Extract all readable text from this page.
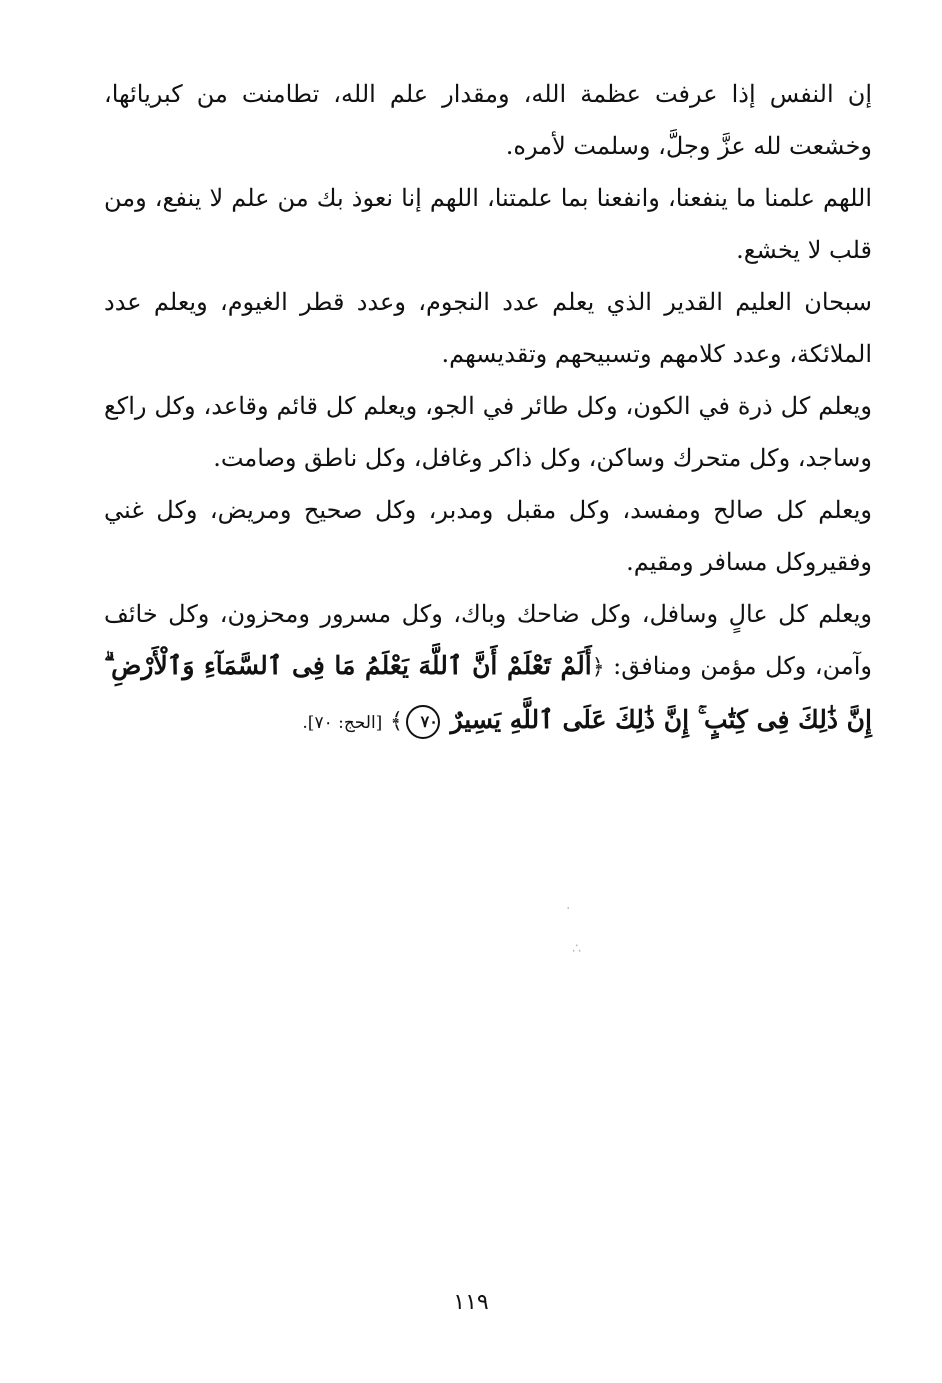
إن النفس إذا عرفت عظمة الله، ومقدار علم الله، تطامنت من كبريائها، وخشعت لله عزَّ وجلَّ، وسلمت لأمره.

اللهم علمنا ما ينفعنا، وانفعنا بما علمتنا، اللهم إنا نعوذ بك من علم لا ينفع، ومن قلب لا يخشع.

سبحان العليم القدير الذي يعلم عدد النجوم، وعدد قطر الغيوم، ويعلم عدد الملائكة، وعدد كلامهم وتسبيحهم وتقديسهم.

ويعلم كل ذرة في الكون، وكل طائر في الجو، ويعلم كل قائم وقاعد، وكل راكع وساجد، وكل متحرك وساكن، وكل ذاكر وغافل، وكل ناطق وصامت.

ويعلم كل صالح ومفسد، وكل مقبل ومدبر، وكل صحيح ومريض، وكل غني وفقيروكل مسافر ومقيم.

ويعلم كل عالٍ وسافل، وكل ضاحك وباك، وكل مسرور ومحزون، وكل خائف وآمن، وكل مؤمن ومنافق: ﴿أَلَمْ تَعْلَمْ أَنَّ ٱللَّهَ يَعْلَمُ مَا فِى ٱلسَّمَآءِ وَٱلْأَرْضِ ۗ إِنَّ ذَٰلِكَ فِى كِتَٰبٍ ۚ إِنَّ ذَٰلِكَ عَلَى ٱللَّهِ يَسِيرٌ ٧٠﴾ [الحج: ٧٠].

·
∴
١١٩
